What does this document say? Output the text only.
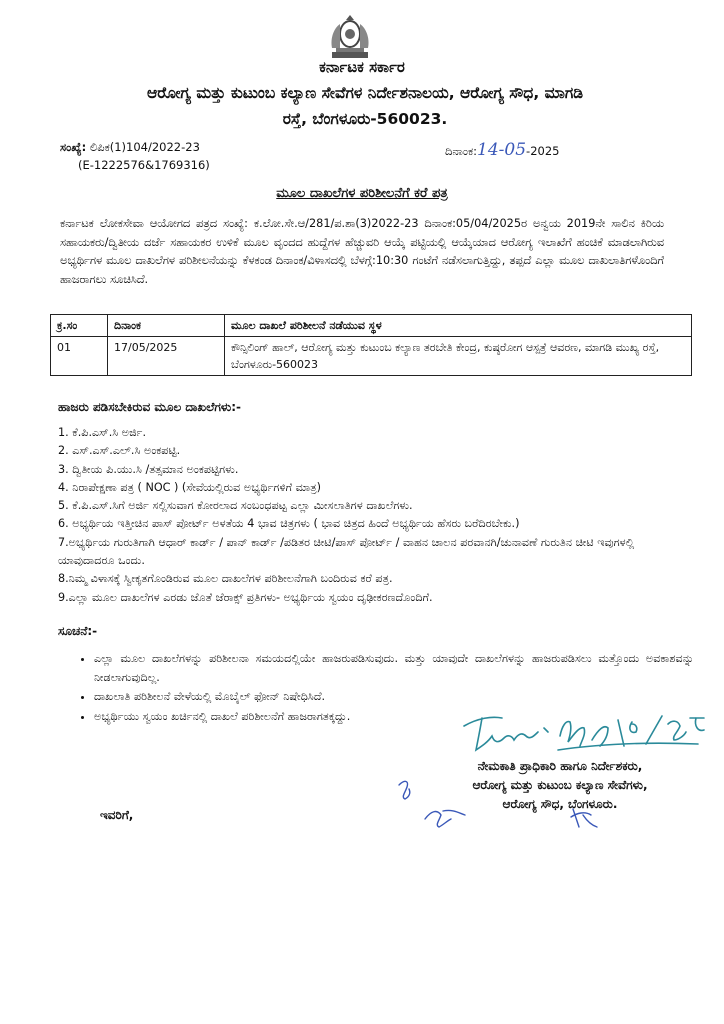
ಕರ್ನಾಟಕ ಸರ್ಕಾರ
ಆರೋಗ್ಯ ಮತ್ತು ಕುಟುಂಬ ಕಲ್ಯಾಣ ಸೇವೆಗಳ ನಿರ್ದೇಶನಾಲಯ, ಆರೋಗ್ಯ ಸೌಧ, ಮಾಗಡಿ
ರಸ್ತೆ, ಬೆಂಗಳೂರು-560023.
ಸಂಖ್ಯೆ: ಲಿಪಿಕ(1)104/2022-23
(E-1222576&1769316)
ದಿನಾಂಕ:14-05-2025
ಮೂಲ ದಾಖಲೆಗಳ ಪರಿಶೀಲನೆಗೆ ಕರೆ ಪತ್ರ
ಕರ್ನಾಟಕ ಲೋಕಸೇವಾ ಆಯೋಗದ ಪತ್ರದ ಸಂಖ್ಯೆ: ಕ.ಲೋ.ಸೇ.ಆ/281/ಪ.ಶಾ(3)2022-23 ದಿನಾಂಕ:05/04/2025ರ ಅನ್ವಯ 2019ನೇ ಸಾಲಿನ ಕಿರಿಯ ಸಹಾಯಕರು/ದ್ವಿತೀಯ ದರ್ಜೆ ಸಹಾಯಕರ ಉಳಿಕೆ ಮೂಲ ವೃಂದದ ಹುದ್ದೆಗಳ ಹೆಚ್ಚುವರಿ ಆಯ್ಕೆ ಪಟ್ಟಿಯಲ್ಲಿ ಆಯ್ಕೆಯಾದ ಆರೋಗ್ಯ ಇಲಾಖೆಗೆ ಹಂಚಿಕೆ ಮಾಡಲಾಗಿರುವ ಅಭ್ಯರ್ಥಿಗಳ ಮೂಲ ದಾಖಲೆಗಳ ಪರಿಶೀಲನೆಯನ್ನು ಕೆಳಕಂಡ ದಿನಾಂಕ/ವಿಳಾಸದಲ್ಲಿ ಬೆಳಗ್ಗೆ:10:30 ಗಂಟೆಗೆ ನಡೆಸಲಾಗುತ್ತಿದ್ದು, ತಪ್ಪದೆ ಎಲ್ಲಾ ಮೂಲ ದಾಖಲಾತಿಗಳೊಂದಿಗೆ ಹಾಜರಾಗಲು ಸೂಚಿಸಿದೆ.
ಕ್ರ.ಸಂ	ದಿನಾಂಕ	ಮೂಲ ದಾಖಲೆ ಪರಿಶೀಲನೆ ನಡೆಯುವ ಸ್ಥಳ
01	17/05/2025	ಕೌನ್ಸಿಲಿಂಗ್ ಹಾಲ್, ಆರೋಗ್ಯ ಮತ್ತು ಕುಟುಂಬ ಕಲ್ಯಾಣ ತರಬೇತಿ ಕೇಂದ್ರ, ಕುಷ್ಠರೋಗ ಆಸ್ಪತ್ರೆ ಆವರಣ, ಮಾಗಡಿ ಮುಖ್ಯ ರಸ್ತೆ, ಬೆಂಗಳೂರು-560023
ಹಾಜರು ಪಡಿಸಬೇಕಿರುವ ಮೂಲ ದಾಖಲೆಗಳು:-
1. ಕೆ.ಪಿ.ಎಸ್.ಸಿ ಅರ್ಜಿ.
2. ಎಸ್.ಎಸ್.ಎಲ್.ಸಿ ಅಂಕಪಟ್ಟಿ.
3. ದ್ವಿತೀಯ ಪಿ.ಯು.ಸಿ /ತತ್ಸಮಾನ ಅಂಕಪಟ್ಟಿಗಳು.
4. ನಿರಾಪೇಕ್ಷಣಾ ಪತ್ರ ( NOC ) (ಸೇವೆಯಲ್ಲಿರುವ ಅಭ್ಯರ್ಥಿಗಳಿಗೆ ಮಾತ್ರ)
5. ಕೆ.ಪಿ.ಎಸ್.ಸಿಗೆ ಅರ್ಜಿ ಸಲ್ಲಿಸುವಾಗ ಕೋರಲಾದ ಸಂಬಂಧಪಟ್ಟ ಎಲ್ಲಾ ಮೀಸಲಾತಿಗಳ ದಾಖಲೆಗಳು.
6. ಅಭ್ಯರ್ಥಿಯ ಇತ್ತೀಚಿನ ಪಾಸ್ ಪೋರ್ಟ್ ಅಳತೆಯ 4 ಭಾವ ಚಿತ್ರಗಳು ( ಭಾವ ಚಿತ್ರದ ಹಿಂದೆ ಅಭ್ಯರ್ಥಿಯ ಹೆಸರು ಬರೆದಿರಬೇಕು.)
7.ಅಭ್ಯರ್ಥಿಯ ಗುರುತಿಗಾಗಿ ಆಧಾರ್ ಕಾರ್ಡ್ / ಪಾನ್ ಕಾರ್ಡ್ /ಪಡಿತರ ಚೀಟಿ/ಪಾಸ್ ಪೋರ್ಟ್ / ವಾಹನ ಚಾಲನ ಪರವಾನಗಿ/ಚುನಾವಣೆ ಗುರುತಿನ ಚೀಟಿ ಇವುಗಳಲ್ಲಿ ಯಾವುದಾದರೂ ಒಂದು.
8.ನಿಮ್ಮ ವಿಳಾಸಕ್ಕೆ ಸ್ವೀಕೃತಗೊಂಡಿರುವ ಮೂಲ ದಾಖಲೆಗಳ ಪರಿಶೀಲನೆಗಾಗಿ ಬಂದಿರುವ ಕರೆ ಪತ್ರ.
9.ಎಲ್ಲಾ ಮೂಲ ದಾಖಲೆಗಳ ಎರಡು ಜೊತೆ ಜೆರಾಕ್ಸ್ ಪ್ರತಿಗಳು- ಅಭ್ಯರ್ಥಿಯ ಸ್ವಯಂ ದೃಢೀಕರಣದೊಂದಿಗೆ.
ಸೂಚನೆ:-
• ಎಲ್ಲಾ ಮೂಲ ದಾಖಲೆಗಳನ್ನು ಪರಿಶೀಲನಾ ಸಮಯದಲ್ಲಿಯೇ ಹಾಜರುಪಡಿಸುವುದು. ಮತ್ತು ಯಾವುದೇ ದಾಖಲೆಗಳನ್ನು ಹಾಜರುಪಡಿಸಲು ಮತ್ತೊಂದು ಅವಕಾಶವನ್ನು ನೀಡಲಾಗುವುದಿಲ್ಲ.
• ದಾಖಲಾತಿ ಪರಿಶೀಲನೆ ವೇಳೆಯಲ್ಲಿ ಮೊಬೈಲ್ ಫೋನ್ ನಿಷೇಧಿಸಿದೆ.
• ಅಭ್ಯರ್ಥಿಯು ಸ್ವಯಂ ಖರ್ಚಿನಲ್ಲಿ ದಾಖಲೆ ಪರಿಶೀಲನೆಗೆ ಹಾಜರಾಗತಕ್ಕದ್ದು.
ನೇಮಕಾತಿ ಪ್ರಾಧಿಕಾರಿ ಹಾಗೂ ನಿರ್ದೇಶಕರು,
ಆರೋಗ್ಯ ಮತ್ತು ಕುಟುಂಬ ಕಲ್ಯಾಣ ಸೇವೆಗಳು,
ಆರೋಗ್ಯ ಸೌಧ, ಬೆಂಗಳೂರು.
ಇವರಿಗೆ,
